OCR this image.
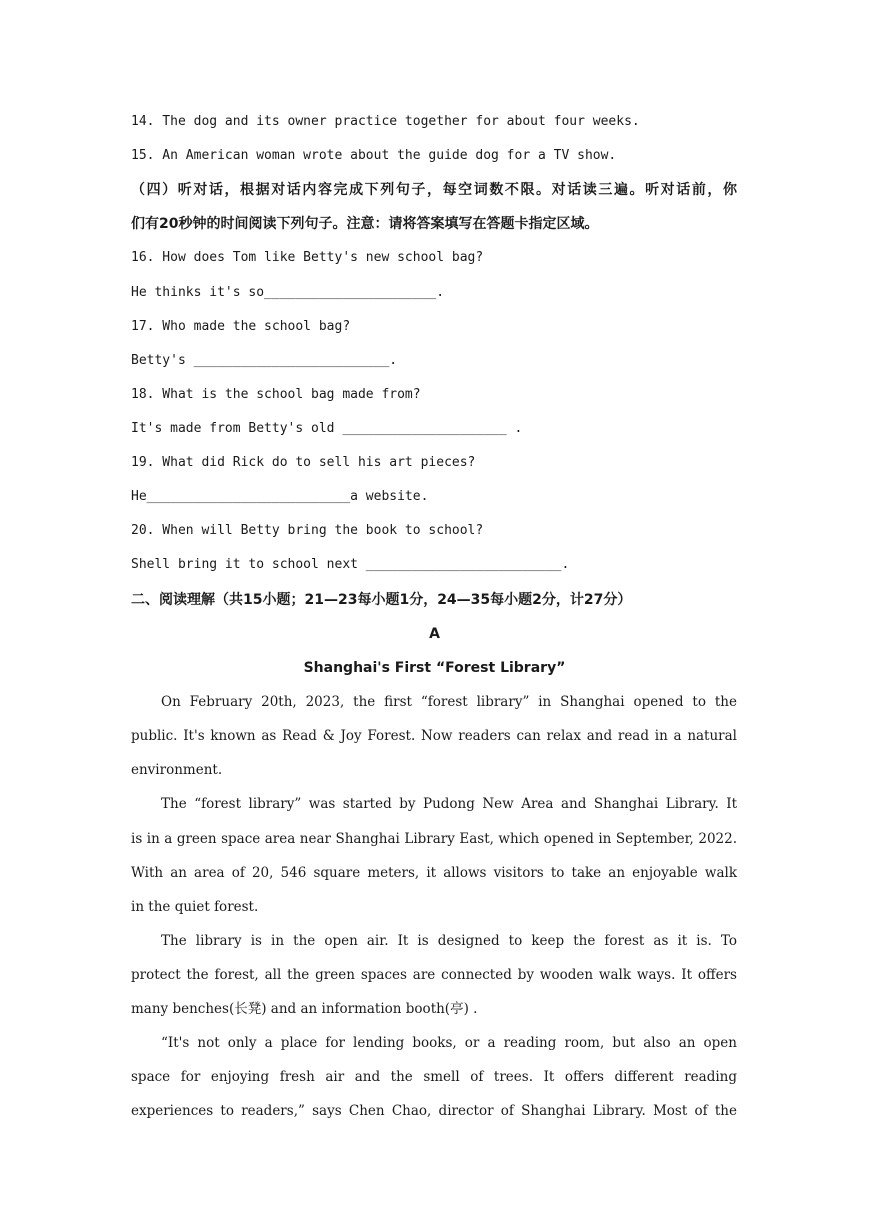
14. The dog and its owner practice together for about four weeks.
15. An American woman wrote about the guide dog for a TV show.
（四）听对话，根据对话内容完成下列句子，每空词数不限。对话读三遍。听对话前，你
们有20秒钟的时间阅读下列句子。注意：请将答案填写在答题卡指定区域。
16. How does Tom like Betty's new school bag?
He thinks it's so______________________.
17. Who made the school bag?
Betty's _________________________.
18. What is the school bag made from?
It's made from Betty's old _____________________ .
19. What did Rick do to sell his art pieces?
He__________________________a website.
20. When will Betty bring the book to school?
Shell bring it to school next _________________________.
二、阅读理解（共15小题；21—23每小题1分，24—35每小题2分，计27分）
A
Shanghai's First “Forest Library”
On February 20th, 2023, the first “forest library” in Shanghai opened to the
public. It's known as Read & Joy Forest. Now readers can relax and read in a natural
environment.
The “forest library” was started by Pudong New Area and Shanghai Library. It
is in a green space area near Shanghai Library East, which opened in September, 2022.
With an area of 20, 546 square meters, it allows visitors to take an enjoyable walk
in the quiet forest.
The library is in the open air. It is designed to keep the forest as it is. To
protect the forest, all the green spaces are connected by wooden walk ways. It offers
many benches(长凳) and an information booth(亭) .
“It's not only a place for lending books, or a reading room, but also an open
space for enjoying fresh air and the smell of trees. It offers different reading
experiences to readers,” says Chen Chao, director of Shanghai Library. Most of the
